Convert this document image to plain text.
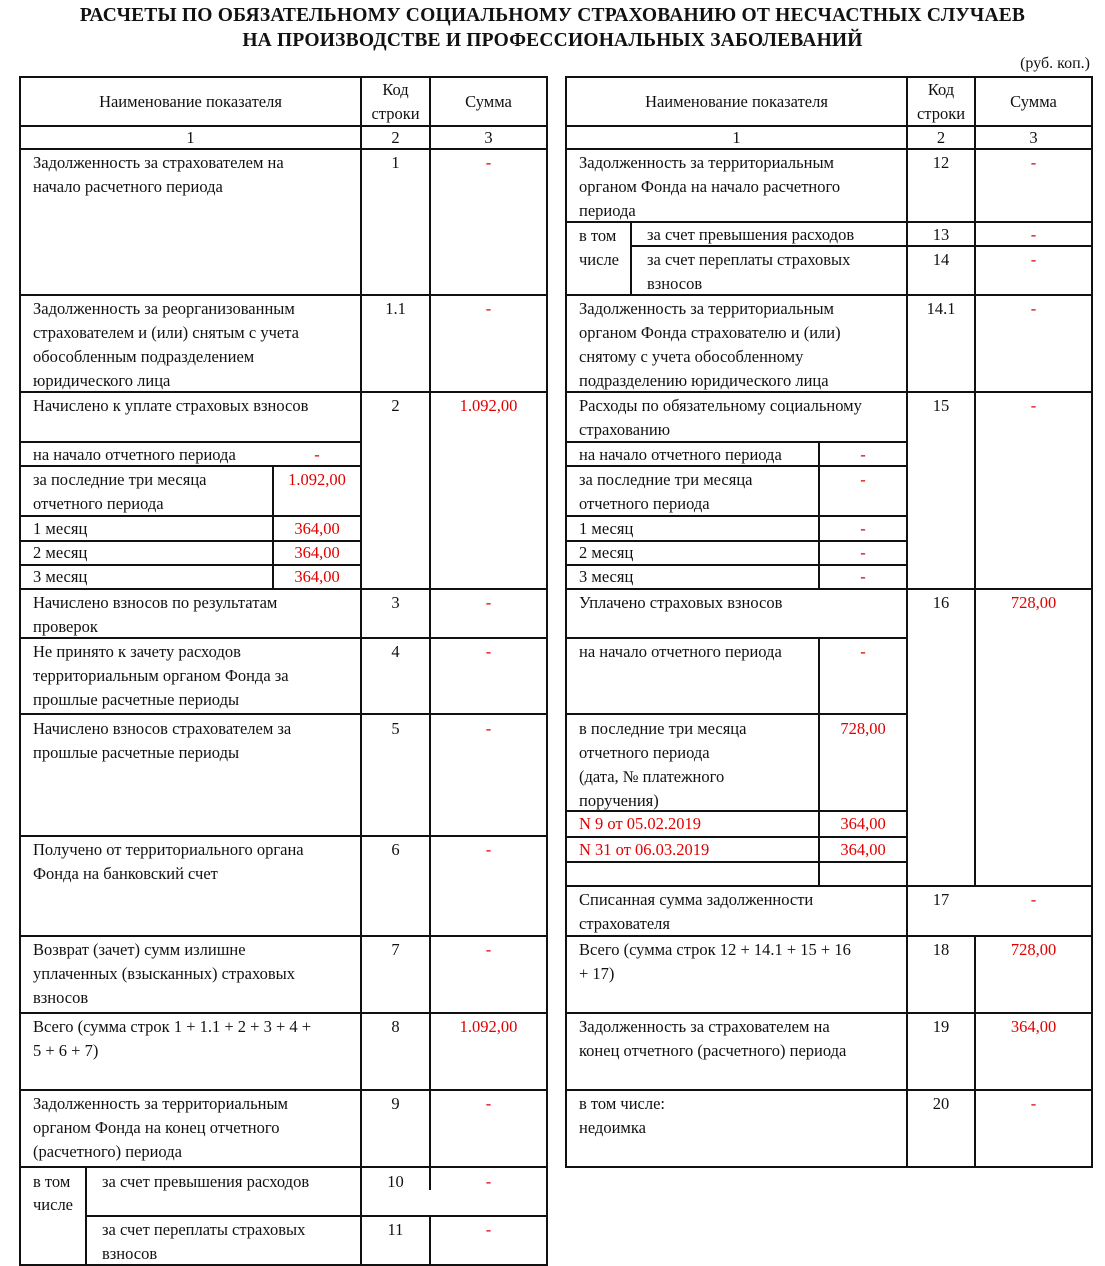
РАСЧЕТЫ ПО ОБЯЗАТЕЛЬНОМУ СОЦИАЛЬНОМУ СТРАХОВАНИЮ ОТ НЕСЧАСТНЫХ СЛУЧАЕВ
НА ПРОИЗВОДСТВЕ И ПРОФЕССИОНАЛЬНЫХ ЗАБОЛЕВАНИЙ
(руб. коп.)
Наименование показателя
Код
строки
Сумма
1	2	3
Задолженность за страхователем на
начало расчетного периода
1	-
Задолженность за реорганизованным
страхователем и (или) снятым с учета
обособленным подразделением
юридического лица
1.1	-
Начислено к уплате страховых взносов	2	1.092,00
на начало отчетного периода	-
за последние три месяца
отчетного периода
1.092,00
1 месяц	364,00
2 месяц	364,00
3 месяц	364,00
Начислено взносов по результатам
проверок
3	-
Не принято к зачету расходов
территориальным органом Фонда за
прошлые расчетные периоды
4	-
Начислено взносов страхователем за
прошлые расчетные периоды
5	-
Получено от территориального органа
Фонда на банковский счет
6	-
Возврат (зачет) сумм излишне
уплаченных (взысканных) страховых
взносов
7	-
Всего (сумма строк 1 + 1.1 + 2 + 3 + 4 +
5 + 6 + 7)
8	1.092,00
Задолженность за территориальным
органом Фонда на конец отчетного
(расчетного) периода
9	-
в том
числе
за счет превышения расходов	10	-
за счет переплаты страховых
взносов
11	-
Наименование показателя
Код
строки
Сумма
1	2	3
Задолженность за территориальным
органом Фонда на начало расчетного
периода
12	-
в том
числе
за счет превышения расходов	13	-
за счет переплаты страховых
взносов
14	-
Задолженность за территориальным
органом Фонда страхователю и (или)
снятому с учета обособленному
подразделению юридического лица
14.1	-
Расходы по обязательному социальному
страхованию
15	-
на начало отчетного периода	-
за последние три месяца
отчетного периода
-
1 месяц	-
2 месяц	-
3 месяц	-
Уплачено страховых взносов	16	728,00
на начало отчетного периода	-
в последние три месяца
отчетного периода
(дата, № платежного
поручения)
728,00
N 9 от 05.02.2019	364,00
N 31 от 06.03.2019	364,00
Списанная сумма задолженности
страхователя
17	-
Всего (сумма строк 12 + 14.1 + 15 + 16
+ 17)
18	728,00
Задолженность за страхователем на
конец отчетного (расчетного) периода
19	364,00
в том числе:
недоимка
20	-
